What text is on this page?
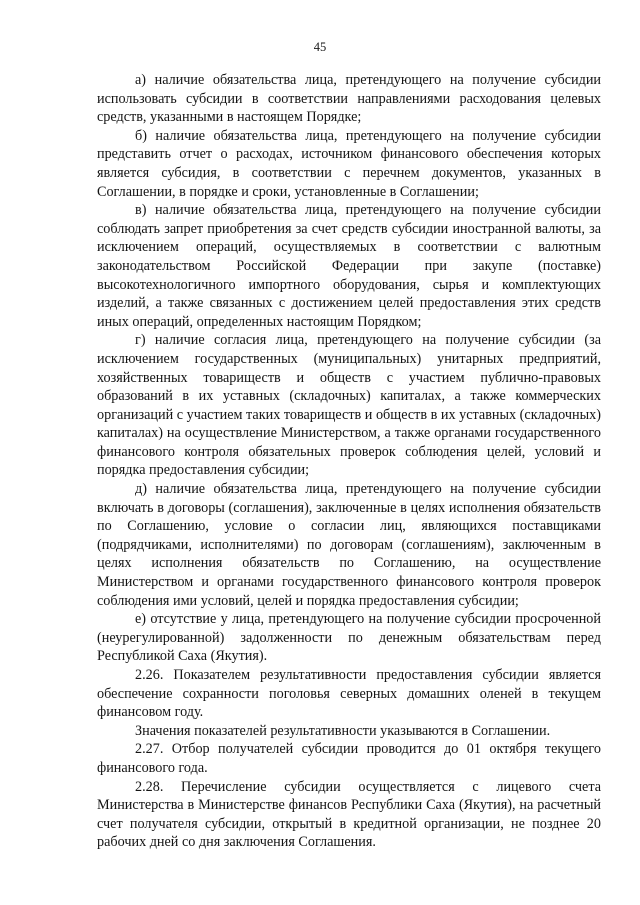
45

а) наличие обязательства лица, претендующего на получение субсидии использовать субсидии в соответствии направлениями расходования целевых средств, указанными в настоящем Порядке;

б) наличие обязательства лица, претендующего на получение субсидии представить отчет о расходах, источником финансового обеспечения которых является субсидия, в соответствии с перечнем документов, указанных в Соглашении, в порядке и сроки, установленные в Соглашении;

в) наличие обязательства лица, претендующего на получение субсидии соблюдать запрет приобретения за счет средств субсидии иностранной валюты, за исключением операций, осуществляемых в соответствии с валютным законодательством Российской Федерации при закупе (поставке) высокотехнологичного импортного оборудования, сырья и комплектующих изделий, а также связанных с достижением целей предоставления этих средств иных операций, определенных настоящим Порядком;

г) наличие согласия лица, претендующего на получение субсидии (за исключением государственных (муниципальных) унитарных предприятий, хозяйственных товариществ и обществ с участием публично-правовых образований в их уставных (складочных) капиталах, а также коммерческих организаций с участием таких товариществ и обществ в их уставных (складочных) капиталах) на осуществление Министерством, а также органами государственного финансового контроля обязательных проверок соблюдения целей, условий и порядка предоставления субсидии;

д) наличие обязательства лица, претендующего на получение субсидии включать в договоры (соглашения), заключенные в целях исполнения обязательств по Соглашению, условие о согласии лиц, являющихся поставщиками (подрядчиками, исполнителями) по договорам (соглашениям), заключенным в целях исполнения обязательств по Соглашению, на осуществление Министерством и органами государственного финансового контроля проверок соблюдения ими условий, целей и порядка предоставления субсидии;

е) отсутствие у лица, претендующего на получение субсидии просроченной (неурегулированной) задолженности по денежным обязательствам перед Республикой Саха (Якутия).

2.26. Показателем результативности предоставления субсидии является обеспечение сохранности поголовья северных домашних оленей в текущем финансовом году.

Значения показателей результативности указываются в Соглашении.

2.27. Отбор получателей субсидии проводится до 01 октября текущего финансового года.

2.28. Перечисление субсидии осуществляется с лицевого счета Министерства в Министерстве финансов Республики Саха (Якутия), на расчетный счет получателя субсидии, открытый в кредитной организации, не позднее 20 рабочих дней со дня заключения Соглашения.
